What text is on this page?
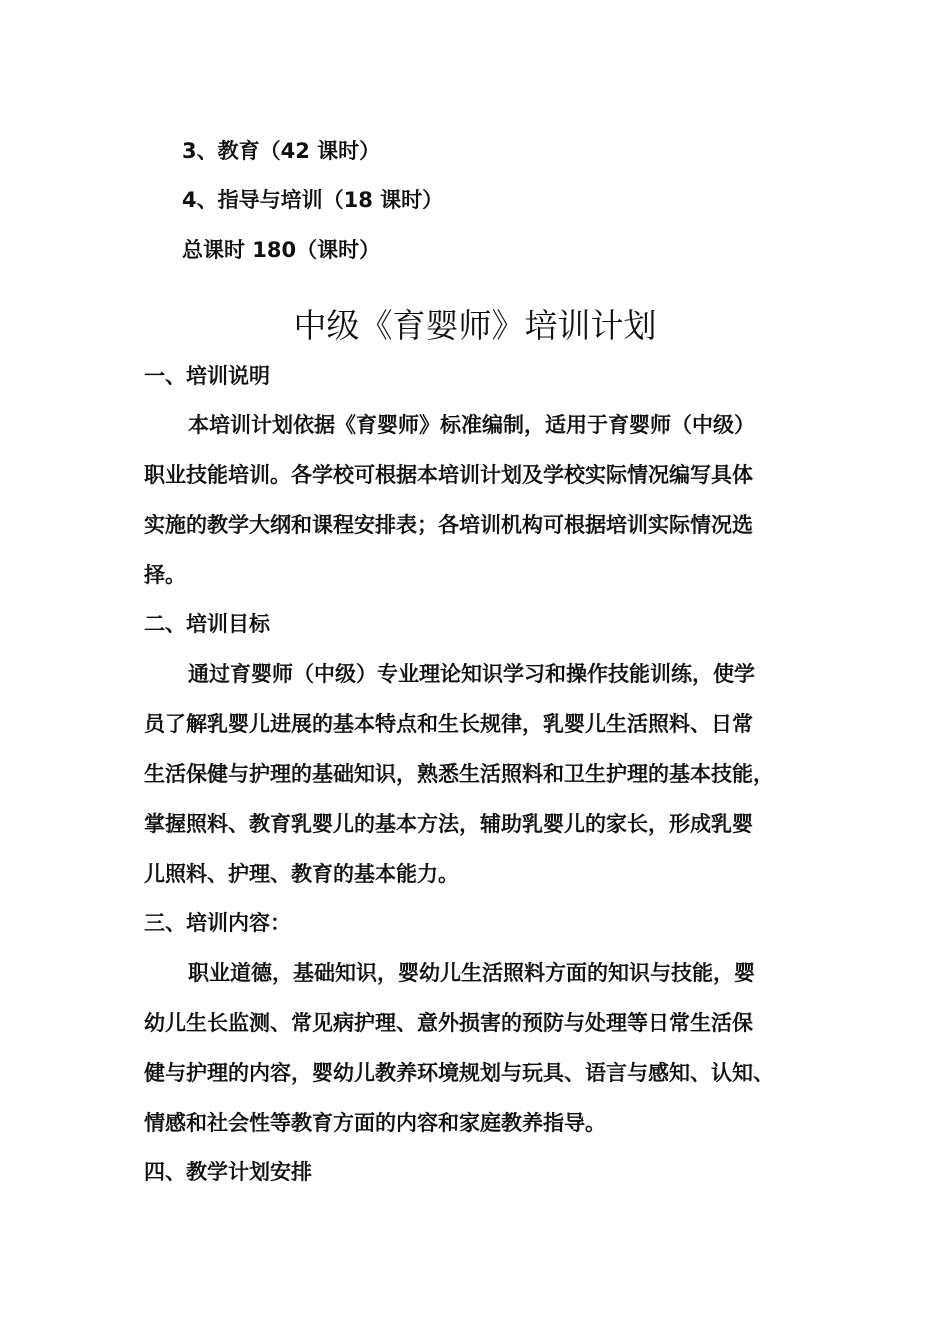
3、教育（42 课时）
4、指导与培训（18 课时）
总课时 180（课时）
中级《育婴师》培训计划
一、培训说明
本培训计划依据《育婴师》标准编制，适用于育婴师（中级）
职业技能培训。各学校可根据本培训计划及学校实际情况编写具体
实施的教学大纲和课程安排表；各培训机构可根据培训实际情况选
择。
二、培训目标
通过育婴师（中级）专业理论知识学习和操作技能训练，使学
员了解乳婴儿进展的基本特点和生长规律，乳婴儿生活照料、日常
生活保健与护理的基础知识，熟悉生活照料和卫生护理的基本技能，
掌握照料、教育乳婴儿的基本方法，辅助乳婴儿的家长，形成乳婴
儿照料、护理、教育的基本能力。
三、培训内容：
职业道德，基础知识，婴幼儿生活照料方面的知识与技能，婴
幼儿生长监测、常见病护理、意外损害的预防与处理等日常生活保
健与护理的内容，婴幼儿教养环境规划与玩具、语言与感知、认知、
情感和社会性等教育方面的内容和家庭教养指导。
四、教学计划安排
